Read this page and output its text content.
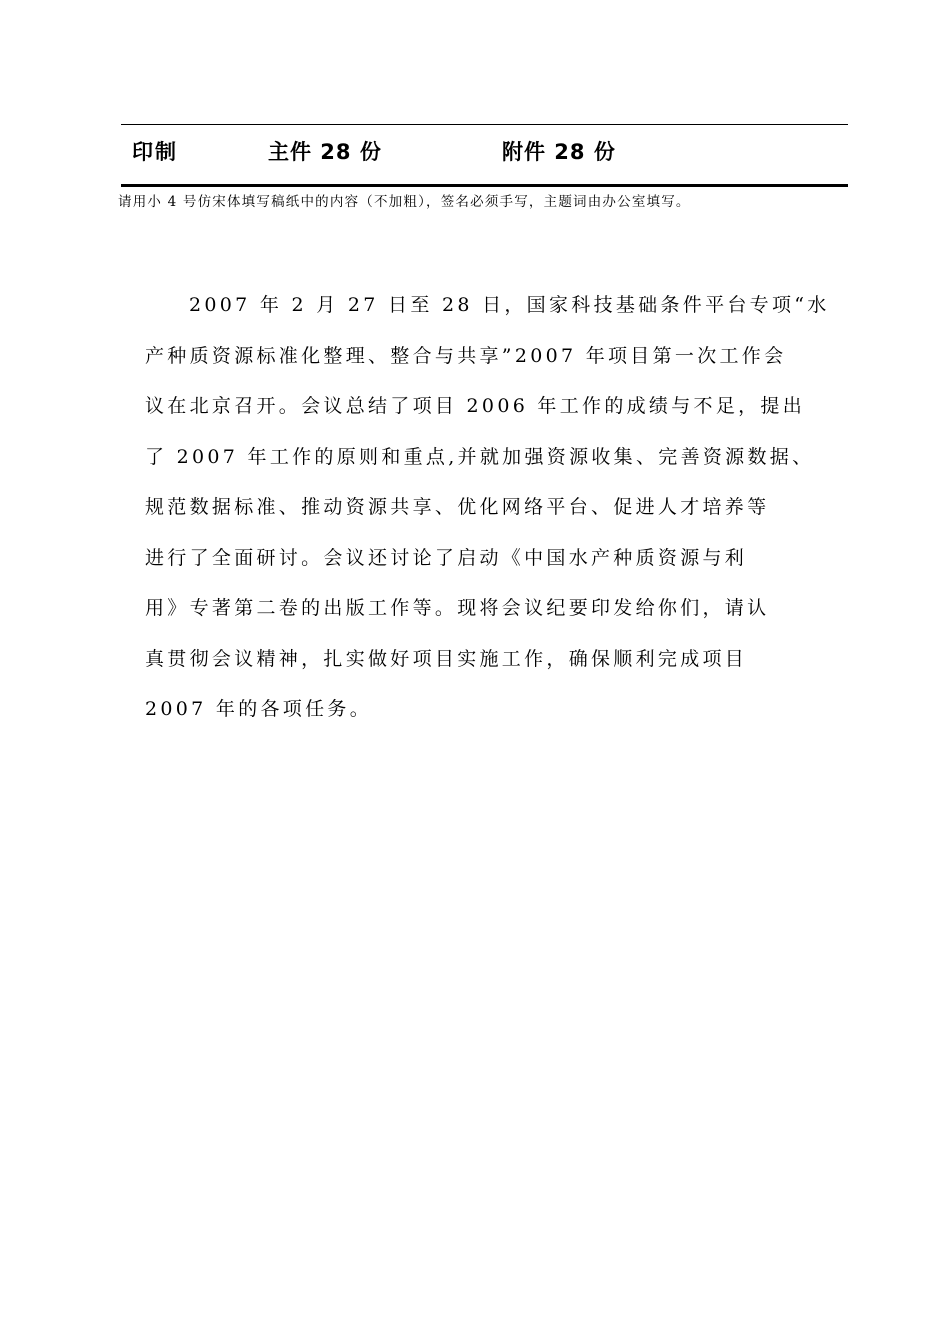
印制	主件 28 份	附件 28 份
请用小 4 号仿宋体填写稿纸中的内容（不加粗），签名必须手写，主题词由办公室填写。
2007 年 2 月 27 日至 28 日，国家科技基础条件平台专项“水
产种质资源标准化整理、整合与共享”2007 年项目第一次工作会
议在北京召开。会议总结了项目 2006 年工作的成绩与不足，提出
了 2007 年工作的原则和重点,并就加强资源收集、完善资源数据、
规范数据标准、推动资源共享、优化网络平台、促进人才培养等
进行了全面研讨。会议还讨论了启动《中国水产种质资源与利
用》专著第二卷的出版工作等。现将会议纪要印发给你们，请认
真贯彻会议精神，扎实做好项目实施工作，确保顺利完成项目
2007 年的各项任务。
